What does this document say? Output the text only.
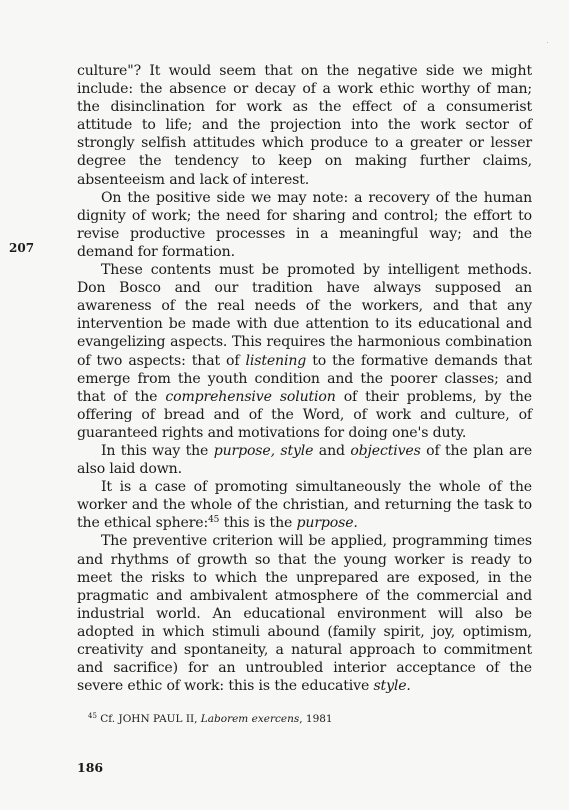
207

culture"? It would seem that on the negative side we might include: the absence or decay of a work ethic worthy of man; the disinclination for work as the effect of a consumerist attitude to life; and the projection into the work sector of strongly selfish attitudes which produce to a greater or lesser degree the tendency to keep on making further claims, absenteeism and lack of interest.

On the positive side we may note: a recovery of the human dignity of work; the need for sharing and control; the effort to revise productive processes in a meaningful way; and the demand for formation.

These contents must be promoted by intelligent methods. Don Bosco and our tradition have always supposed an awareness of the real needs of the workers, and that any intervention be made with due attention to its educational and evangelizing aspects. This requires the harmonious combination of two aspects: that of listening to the formative demands that emerge from the youth condition and the poorer classes; and that of the comprehensive solution of their problems, by the offering of bread and of the Word, of work and culture, of guaranteed rights and motivations for doing one's duty.

In this way the purpose, style and objectives of the plan are also laid down.

It is a case of promoting simultaneously the whole of the worker and the whole of the christian, and returning the task to the ethical sphere:$^{45}$ this is the purpose.

The preventive criterion will be applied, programming times and rhythms of growth so that the young worker is ready to meet the risks to which the unprepared are exposed, in the pragmatic and ambivalent atmosphere of the commercial and industrial world. An educational environment will also be adopted in which stimuli abound (family spirit, joy, optimism, creativity and spontaneity, a natural approach to commitment and sacrifice) for an untroubled interior acceptance of the severe ethic of work: this is the educative style.

$^{45}$ Cf. JOHN PAUL II, Laborem exercens, 1981
186
